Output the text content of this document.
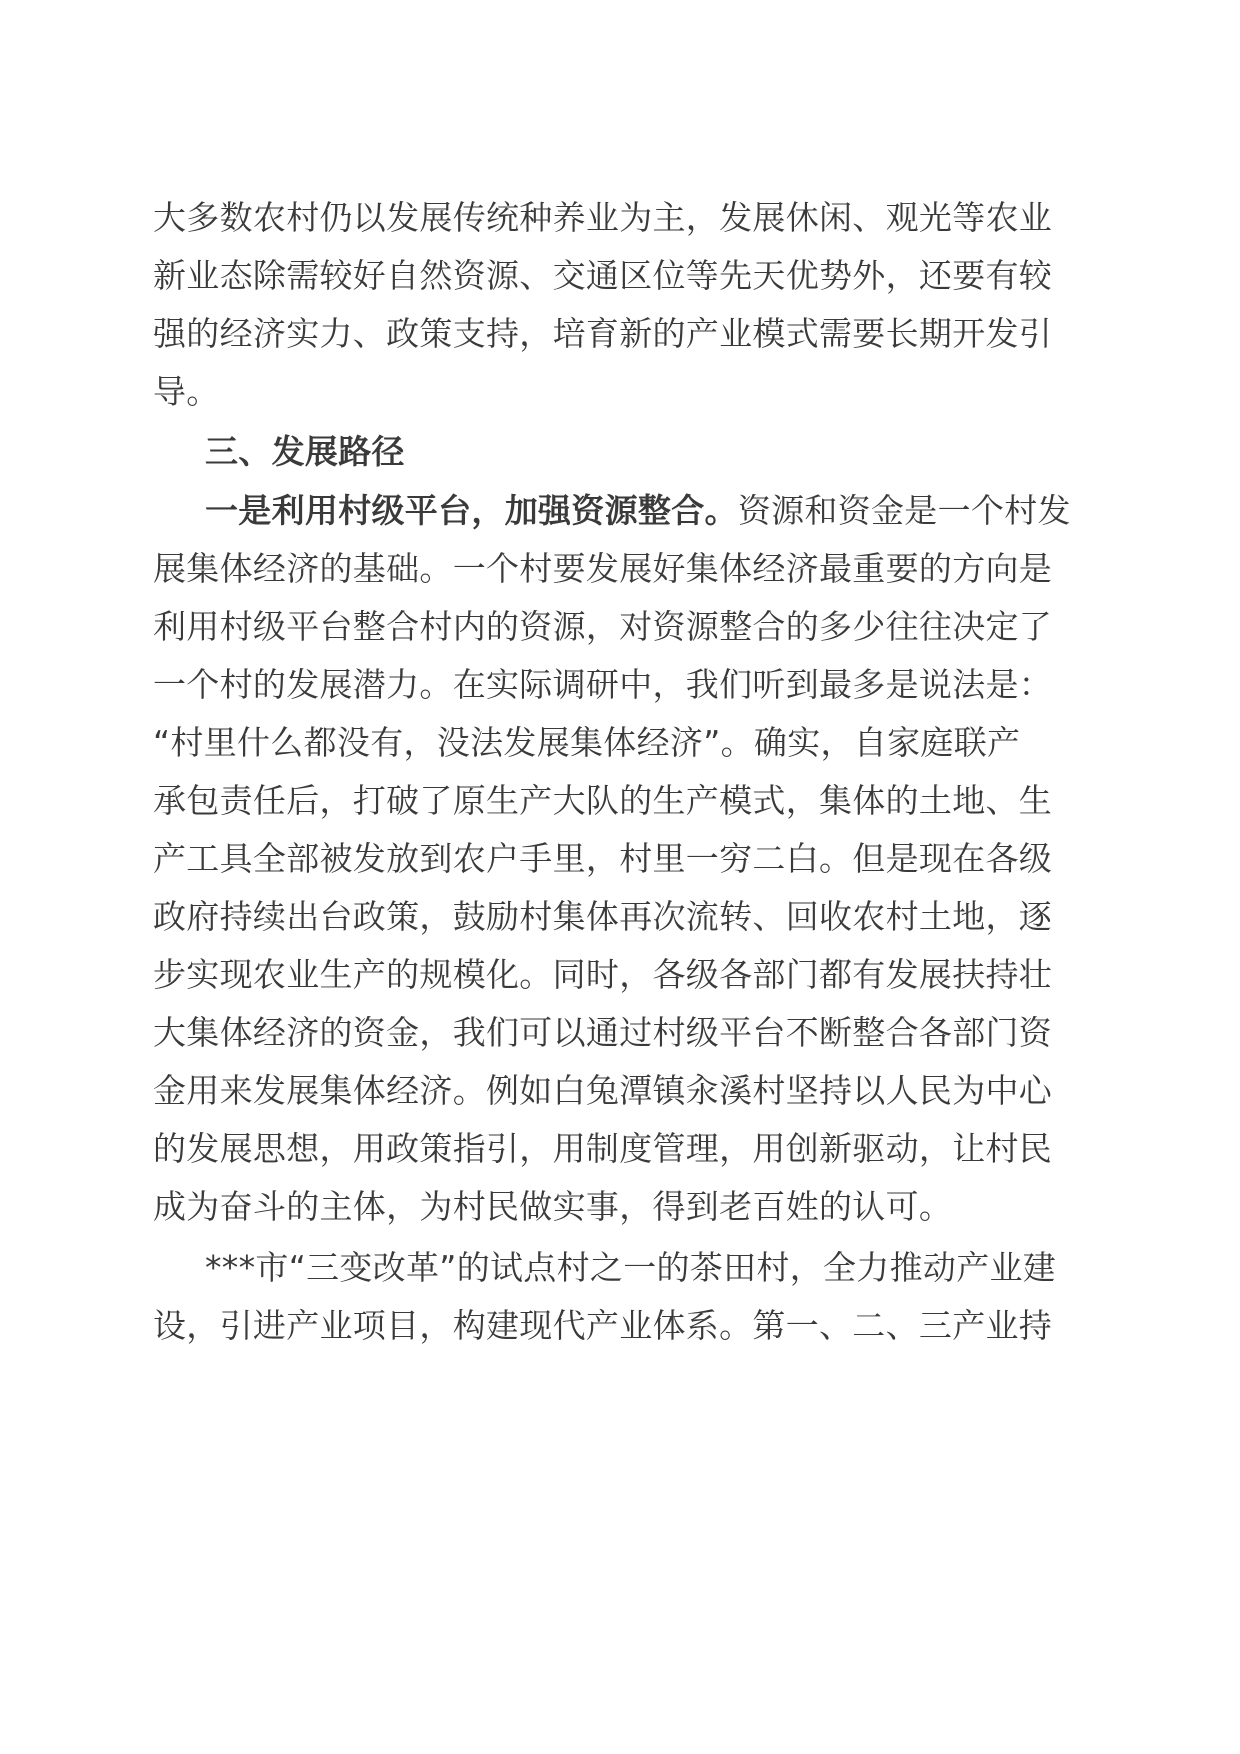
大多数农村仍以发展传统种养业为主，发展休闲、观光等农业
新业态除需较好自然资源、交通区位等先天优势外，还要有较
强的经济实力、政策支持，培育新的产业模式需要长期开发引
导。
三、发展路径
一是利用村级平台，加强资源整合。资源和资金是一个村发
展集体经济的基础。一个村要发展好集体经济最重要的方向是
利用村级平台整合村内的资源，对资源整合的多少往往决定了
一个村的发展潜力。在实际调研中，我们听到最多是说法是：
“村里什么都没有，没法发展集体经济”。确实，自家庭联产
承包责任后，打破了原生产大队的生产模式，集体的土地、生
产工具全部被发放到农户手里，村里一穷二白。但是现在各级
政府持续出台政策，鼓励村集体再次流转、回收农村土地，逐
步实现农业生产的规模化。同时，各级各部门都有发展扶持壮
大集体经济的资金，我们可以通过村级平台不断整合各部门资
金用来发展集体经济。例如白兔潭镇汆溪村坚持以人民为中心
的发展思想，用政策指引，用制度管理，用创新驱动，让村民
成为奋斗的主体，为村民做实事，得到老百姓的认可。
***市“三变改革”的试点村之一的茶田村，全力推动产业建
设，引进产业项目，构建现代产业体系。第一、二、三产业持
